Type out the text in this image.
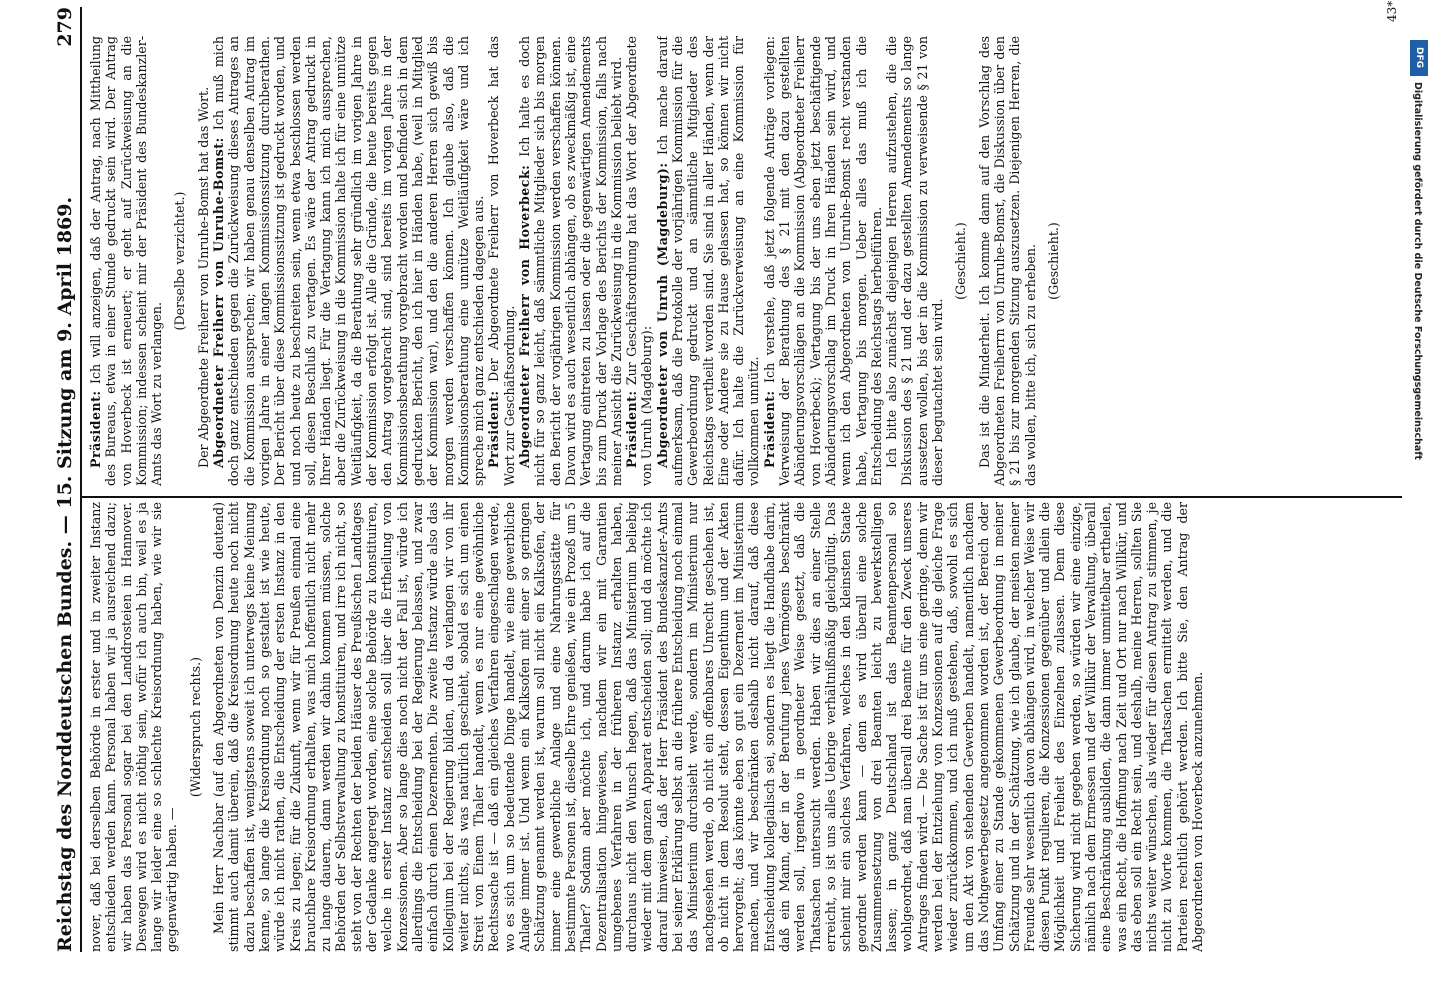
Reichstag des Norddeutschen Bundes. — 15. Sitzung am 9. April 1869.
279

nover, daß bei derselben Behörde in erster und in zweiter Instanz entschieden werden kann. Personal haben wir ja ausreichend dazu; wir haben das Personal sogar bei den Landdrosteien in Hannover. Deswegen wird es nicht nöthig sein, wofür ich auch bin, weil es ja lange wir leider eine so schlechte Kreisordnung haben, wie wir sie gegenwärtig haben. —

(Widerspruch rechts.) Mein Herr Nachbar (auf den Abgeordneten von Denzin deutend) stimmt auch damit überein, daß die Kreisordnung heute noch nicht dazu beschaffen ist, wenigstens soweit ich unterwegs keine Meinung kenne, so lange die Kreisordnung noch so gestaltet ist wie heute, würde ich nicht rathen, die Entscheidung der ersten Instanz in den Kreis zu legen; für die Zukunft, wenn wir für Preußen einmal eine brauchbare Kreisordnung erhalten, was mich hoffentlich nicht mehr zu lange dauern, dann werden wir dahin kommen müssen, solche Behörden der Selbstverwaltung zu konstituiren, und irre ich nicht, so steht von der Rechten der beiden Häuser des Preußischen Landtages der Gedanke angeregt worden, eine solche Behörde zu konstituiren, welche in erster Instanz entscheiden soll über die Ertheilung von Konzessionen. Aber so lange dies noch nicht der Fall ist, würde ich allerdings die Entscheidung bei der Regierung belassen, und zwar einfach durch einen Dezernenten. Die zweite Instanz würde also das Kollegium bei der Regierung bilden, und da verlangen wir von ihr weiter nichts, als was natürlich geschieht, sobald es sich um einen Streit von Einem Thaler handelt, wenn es nur eine gewöhnliche Rechtssache ist — daß ein gleiches Verfahren eingeschlagen werde, wo es sich um so bedeutende Dinge handelt, wie eine gewerbliche Anlage immer ist. Und wenn ein Kalksofen mit einer so geringen Schätzung genannt werden ist, warum soll nicht ein Kalksofen, der immer eine gewerbliche Anlage und eine Nahrungsstätte für bestimmte Personen ist, dieselbe Ehre genießen, wie ein Prozeß um 5 Thaler? Sodann aber möchte ich, und darum habe ich auf die Dezentralisation hingewiesen, nachdem wir ein mit Garantien umgebenes Verfahren in der früheren Instanz erhalten haben, durchaus nicht den Wunsch hegen, daß das Ministerium beliebig wieder mit dem ganzen Apparat entscheiden soll; und da möchte ich darauf hinweisen, daß der Herr Präsident des Bundeskanzler-Amts bei seiner Erklärung selbst an die frühere Entscheidung noch einmal das Ministerium durchsieht werde, sondern im Ministerium nur nachgesehen werde, ob nicht ein offenbares Unrecht geschehen ist, ob nicht in dem Resolut steht, dessen Eigenthum und der Akten hervorgeht; das könnte eben so gut ein Dezernent im Ministerium machen, und wir beschränken deshalb nicht darauf, daß diese Entscheidung kollegialisch sei, sondern es liegt die Handhabe darin, daß ein Mann, der in der Berufung jenes Vermögens beschränkt werden soll, irgendwo in geordneter Weise gesetzt, daß die Thatsachen untersucht werden. Haben wir dies an einer Stelle erreicht, so ist uns alles Uebrige verhältnißmäßig gleichgültig. Das scheint mir ein solches Verfahren, welches in den kleinsten Staate geordnet werden kann — denn es wird überall eine solche Zusammensetzung von drei Beamten leicht zu bewerkstelligen lassen; in ganz Deutschland ist das Beamtenpersonal so wohlgeordnet, daß man überall drei Beamte für den Zweck unseres Antrages finden wird. — Die Sache ist für uns eine geringe, denn wir werden bei der Entziehung von Konzessionen auf die gleiche Frage wieder zurückkommen, und ich muß gestehen, daß, sowohl es sich um den Akt von stehenden Gewerben handelt, namentlich nachdem das Nothgewerbegesetz angenommen worden ist, der Bereich oder Umfang einer zu Stande gekommenen Gewerbeordnung in meiner Schätzung und in der Schätzung, wie ich glaube, der meisten meiner Freunde sehr wesentlich davon abhängen wird, in welcher Weise wir diesen Punkt regulieren, die Konzessionen gegenüber und allein die Möglichkeit und Freiheit des Einzelnen zulassen. Denn diese Sicherung wird nicht gegeben werden, so würden wir eine einzige, nämlich nach dem Ermessen und der Willkür der Verwaltung, überall eine Beschränkung ausbilden, die dann immer unmittelbar ertheilen, was ein Recht, die Hoffnung nach Zeit und Ort nur nach Willkür, und das eben soll ein Recht sein, und deshalb, meine Herren, sollten Sie nichts weiter wünschen, als wieder für diesen Antrag zu stimmen, je nicht zu Worte kommen, die Thatsachen ermittelt werden, und die Parteien rechtlich gehört werden. Ich bitte Sie, den Antrag der Abgeordneten von Hoverbeck anzunehmen.

Präsident: Ich will anzeigen, daß der Antrag, nach Mittheilung des Bureaus, etwa in einer Stunde gedruckt sein wird. Der Antrag von Hoverbeck ist erneuert; er geht auf Zurückweisung an die Kommission; indessen scheint mir der Präsident des Bundeskanzler-Amts das Wort zu verlangen.

(Derselbe verzichtet.) Der Abgeordnete Freiherr von Unruhe-Bomst hat das Wort. Abgeordneter Freiherr von Unruhe-Bomst: Ich muß mich doch ganz entschieden gegen die Zurückweisung dieses Antrages an die Kommission aussprechen; wir haben genau denselben Antrag im vorigen Jahre in einer langen Kommissionssitzung durchberathen. Der Bericht über diese Kommissionssitzung ist gedruckt worden, und und noch heute zu beschreiten sein, wenn etwa beschlossen werden soll, diesen Beschluß zu vertagen. Es wäre der Antrag gedruckt in Ihrer Händen liegt. Für die Vertagung kann ich mich aussprechen, aber die Zurückweisung in die Kommission halte ich für eine unnütze Weitläufigkeit, da die Berathung sehr gründlich im vorigen Jahre in der Kommission erfolgt ist. Alle die Gründe, die heute bereits gegen den Antrag vorgebracht sind, sind bereits im vorigen Jahre in der Kommissionsberathung vorgebracht worden und befinden sich in dem gedruckten Bericht, den ich hier in Händen habe, (weil in Mitglied der Kommission war), und den die anderen Herren sich gewiß bis morgen werden verschaffen können. Ich glaube also, daß die Kommissionsberathung eine unnütze Weitläufigkeit wäre und ich spreche mich ganz entschieden dagegen aus. Präsident: Der Abgeordnete Freiherr von Hoverbeck hat das Wort zur Geschäftsordnung. Abgeordneter Freiherr von Hoverbeck: Ich halte es doch nicht für so ganz leicht, daß sämmtliche Mitglieder sich bis morgen den Bericht der vorjährigen Kommission werden verschaffen können. Davon wird es auch wesentlich abhängen, ob es zweckmäßig ist, eine Vertagung eintreten zu lassen oder die gegenwärtigen Amendements bis zum Druck der Vorlage des Berichts der Kommission, falls nach meiner Ansicht die Zurückweisung in die Kommission beliebt wird. Präsident: Zur Geschäftsordnung hat das Wort der Abgeordnete von Unruh (Magdeburg): Abgeordneter von Unruh (Magdeburg): Ich mache darauf aufmerksam, daß die Protokolle der vorjährigen Kommission für die Gewerbeordnung gedruckt und an sämmtliche Mitglieder des Reichstags vertheilt worden sind. Sie sind in aller Händen, wenn der Eine oder Andere sie zu Hause gelassen hat, so können wir nicht dafür. Ich halte die Zurückverweisung an eine Kommission für vollkommen unnütz. Präsident: Ich verstehe, daß jetzt folgende Anträge vorliegen: Verweisung der Berathung des § 21 mit den dazu gestellten Abänderungsvorschlägen an die Kommission (Abgeordneter Freiherr von Hoverbeck); Vertagung bis der uns eben jetzt beschäftigende Abänderungsvorschlag im Druck in Ihren Händen sein wird, und wenn ich den Abgeordneten von Unruhe-Bomst recht verstanden habe, Vertagung bis morgen. Ueber alles das muß ich die Entscheidung des Reichstags herbeiführen. Ich bitte also zunächst diejenigen Herren aufzustehen, die die Diskussion des § 21 und der dazu gestellten Amendements so lange aussetzen wollen, bis der in die Kommission zu verweisende § 21 von dieser begutachtet sein wird.

(Geschieht.) Das ist die Minderheit. Ich komme dann auf den Vorschlag des Abgeordneten Freiherrn von Unruhe-Bomst, die Diskussion über den § 21 bis zur morgenden Sitzung auszusetzen. Diejenigen Herren, die das wollen, bitte ich, sich zu erheben. (Geschieht.)

43*
DFG
Digitalisierung gefördert durch die Deutsche Forschungsgemeinschaft
